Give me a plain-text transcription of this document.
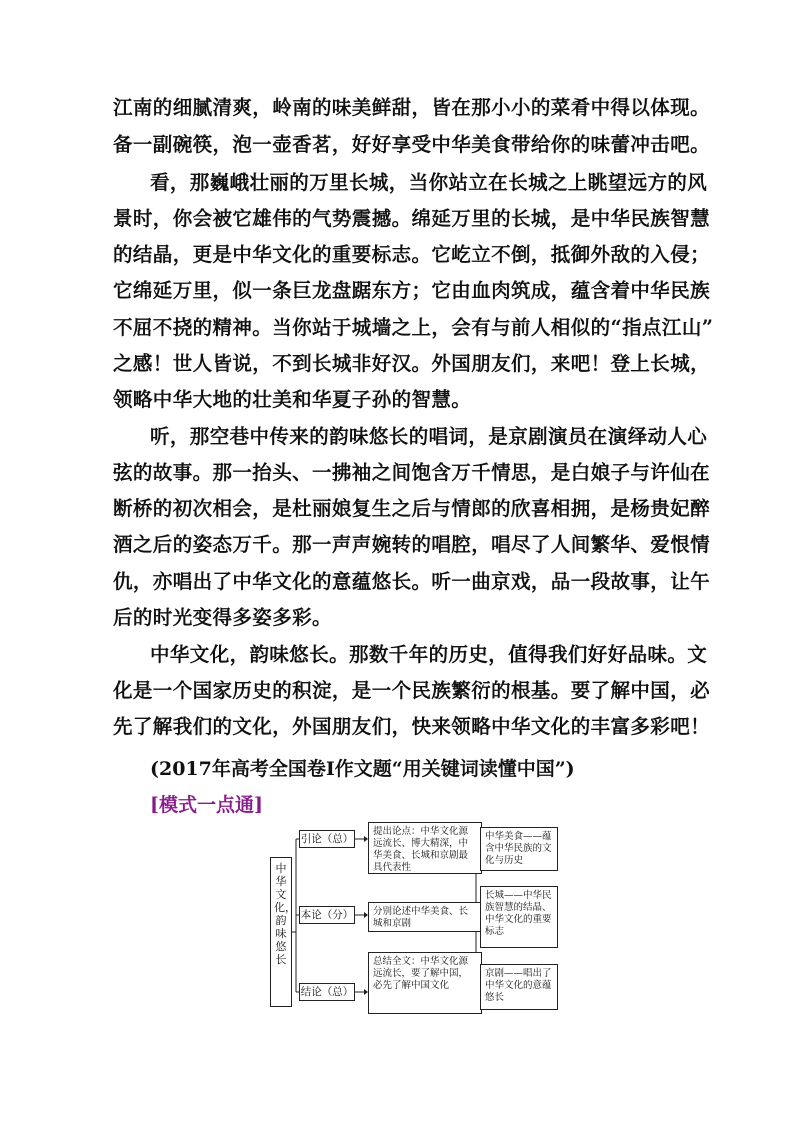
江南的细腻清爽，岭南的味美鲜甜，皆在那小小的菜肴中得以体现。
备一副碗筷，泡一壶香茗，好好享受中华美食带给你的味蕾冲击吧。
看，那巍峨壮丽的万里长城，当你站立在长城之上眺望远方的风
景时，你会被它雄伟的气势震撼。绵延万里的长城，是中华民族智慧
的结晶，更是中华文化的重要标志。它屹立不倒，抵御外敌的入侵；
它绵延万里，似一条巨龙盘踞东方；它由血肉筑成，蕴含着中华民族
不屈不挠的精神。当你站于城墙之上，会有与前人相似的“指点江山”
之感！世人皆说，不到长城非好汉。外国朋友们，来吧！登上长城，
领略中华大地的壮美和华夏子孙的智慧。
听，那空巷中传来的韵味悠长的唱词，是京剧演员在演绎动人心
弦的故事。那一抬头、一拂袖之间饱含万千情思，是白娘子与许仙在
断桥的初次相会，是杜丽娘复生之后与情郎的欣喜相拥，是杨贵妃醉
酒之后的姿态万千。那一声声婉转的唱腔，唱尽了人间繁华、爱恨情
仇，亦唱出了中华文化的意蕴悠长。听一曲京戏，品一段故事，让午
后的时光变得多姿多彩。
中华文化，韵味悠长。那数千年的历史，值得我们好好品味。文
化是一个国家历史的积淀，是一个民族繁衍的根基。要了解中国，必
先了解我们的文化，外国朋友们，快来领略中华文化的丰富多彩吧！
(2017年高考全国卷Ⅰ作文题“用关键词读懂中国”)
[模式一点通]
中华文化，韵味悠长
引论（总）
本论（分）
结论（总）
提出论点：中华文化源远流长、博大精深，中华美食、长城和京剧最具代表性
分别论述中华美食、长城和京剧
总结全文：中华文化源远流长，要了解中国，必先了解中国文化
中华美食——蕴含中华民族的文化与历史
长城——中华民族智慧的结晶、中华文化的重要标志
京剧——唱出了中华文化的意蕴悠长
